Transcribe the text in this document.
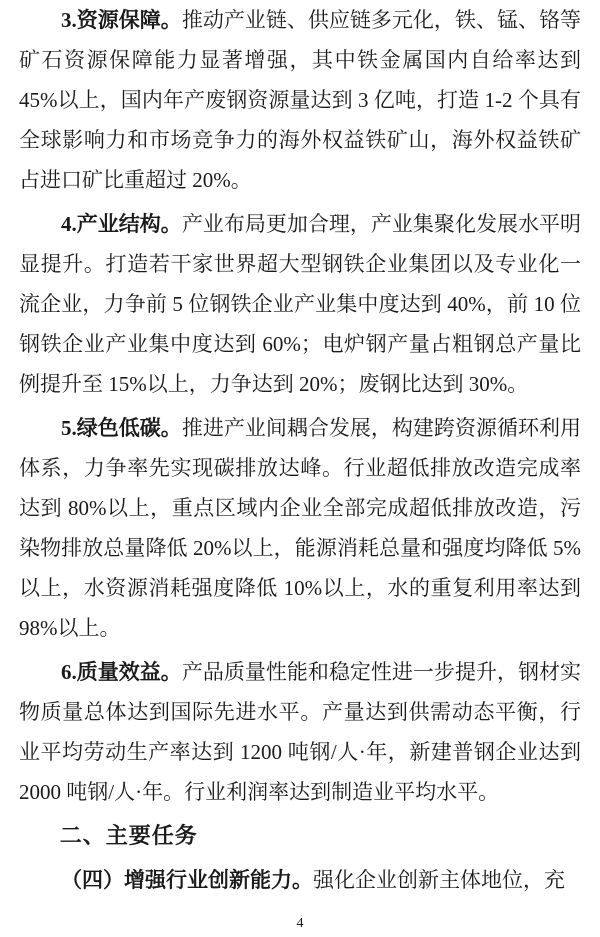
3.资源保障。推动产业链、供应链多元化，铁、锰、铬等矿石资源保障能力显著增强，其中铁金属国内自给率达到 45%以上，国内年产废钢资源量达到 3 亿吨，打造 1-2 个具有全球影响力和市场竞争力的海外权益铁矿山，海外权益铁矿占进口矿比重超过 20%。

4.产业结构。产业布局更加合理，产业集聚化发展水平明显提升。打造若干家世界超大型钢铁企业集团以及专业化一流企业，力争前 5 位钢铁企业产业集中度达到 40%，前 10 位钢铁企业产业集中度达到 60%；电炉钢产量占粗钢总产量比例提升至 15%以上，力争达到 20%；废钢比达到 30%。

5.绿色低碳。推进产业间耦合发展，构建跨资源循环利用体系，力争率先实现碳排放达峰。行业超低排放改造完成率达到 80%以上，重点区域内企业全部完成超低排放改造，污染物排放总量降低 20%以上，能源消耗总量和强度均降低 5%以上，水资源消耗强度降低 10%以上，水的重复利用率达到 98%以上。

6.质量效益。产品质量性能和稳定性进一步提升，钢材实物质量总体达到国际先进水平。产量达到供需动态平衡，行业平均劳动生产率达到 1200 吨钢/人·年，新建普钢企业达到 2000 吨钢/人·年。行业利润率达到制造业平均水平。

二、主要任务

（四）增强行业创新能力。强化企业创新主体地位，充

4
